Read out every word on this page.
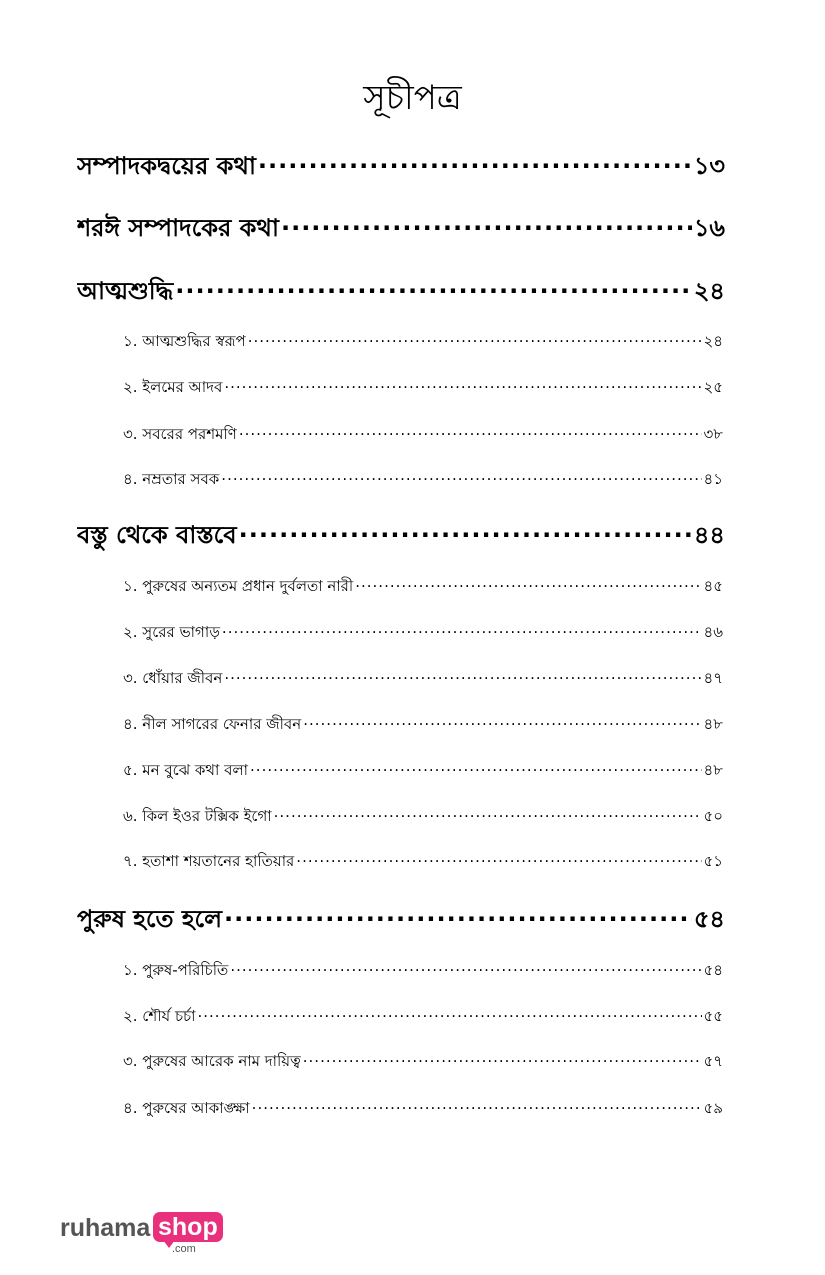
সূচীপত্র
সম্পাদকদ্বয়ের কথা .....	১৩
শরঈ সম্পাদকের কথা .....	১৬
আত্মশুদ্ধি .....	২৪
১. আত্মশুদ্ধির স্বরূপ .....	২৪
২. ইলমের আদব .....	২৫
৩. সবরের পরশমণি .....	৩৮
৪. নম্রতার সবক .....	৪১
বস্তু থেকে বাস্তবে .....	৪৪
১. পুরুষের অন্যতম প্রধান দুর্বলতা নারী .....	৪৫
২. সুরের ভাগাড় .....	৪৬
৩. ধোঁয়ার জীবন .....	৪৭
৪. নীল সাগরের ফেনার জীবন .....	৪৮
৫. মন বুঝে কথা বলা .....	৪৮
৬. কিল ইওর টক্সিক ইগো .....	৫০
৭. হতাশা শয়তানের হাতিয়ার .....	৫১
পুরুষ হতে হলে .....	৫৪
১. পুরুষ-পরিচিতি .....	৫৪
২. শৌর্য চর্চা .....	৫৫
৩. পুরুষের আরেক নাম দায়িত্ব .....	৫৭
৪. পুরুষের আকাঙ্ক্ষা .....	৫৯
ruhama shop
.com
